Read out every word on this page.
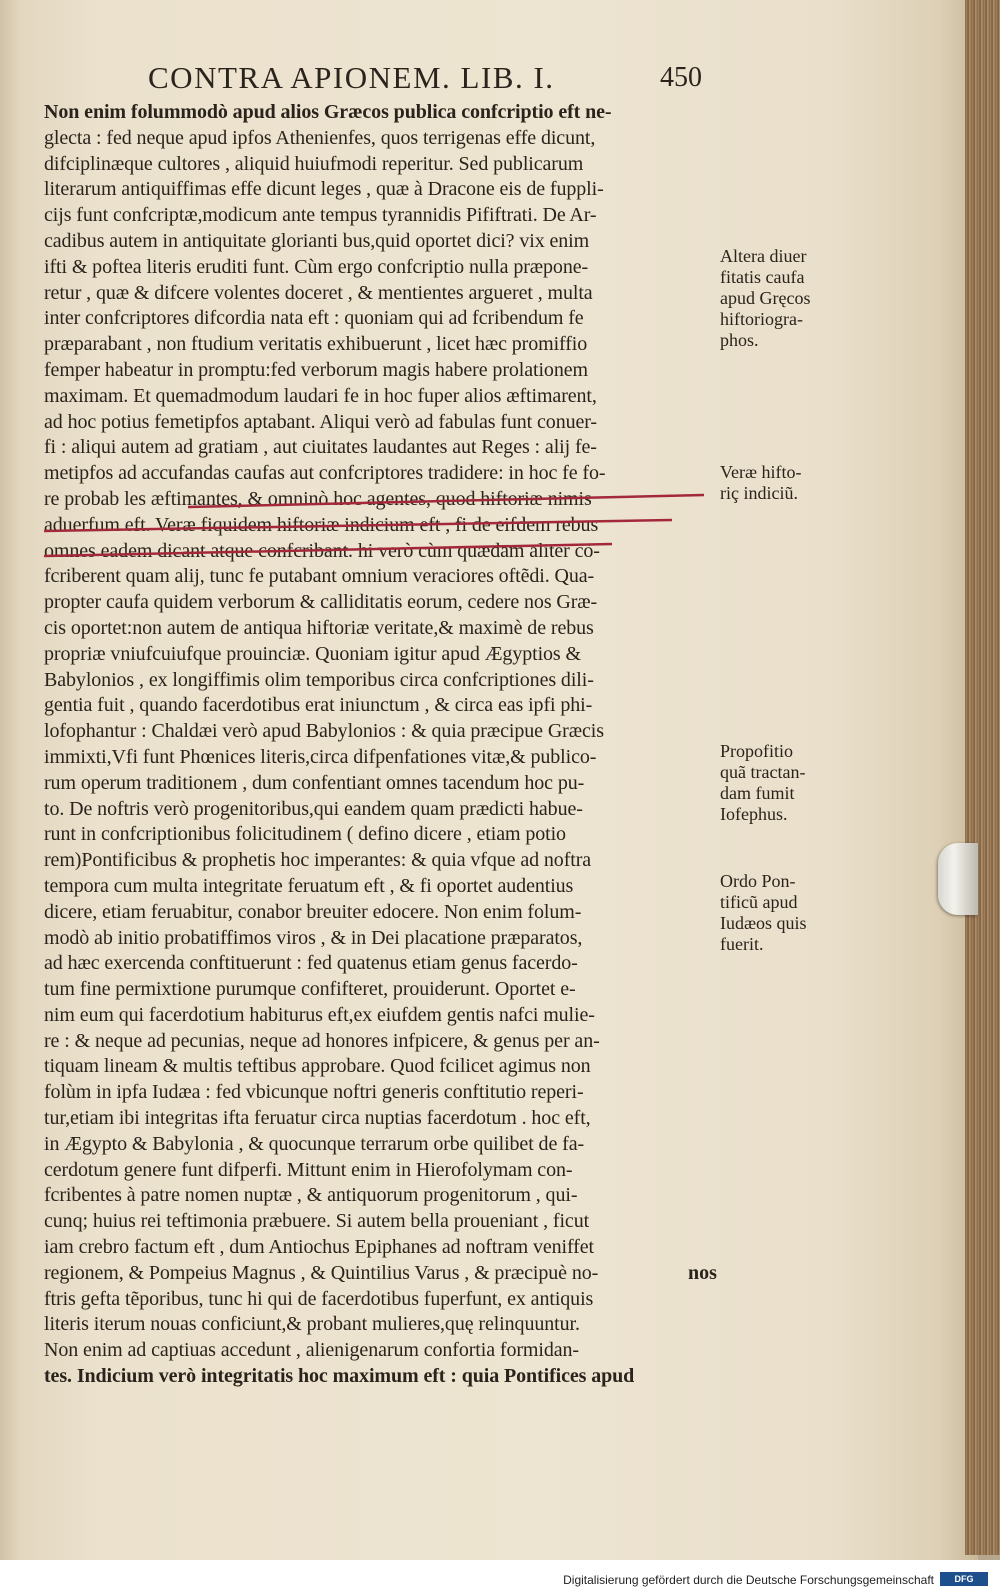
CONTRA APIONEM. LIB. I.	450
Non enim folummodò apud alios Græcos publica confcriptio eft ne-
glecta : fed neque apud ipfos Athenienfes, quos terrigenas effe dicunt,
difciplinæque cultores , aliquid huiufmodi reperitur. Sed publicarum
literarum antiquiffimas effe dicunt leges , quæ à Dracone eis de fuppli-
cijs funt confcriptæ,modicum ante tempus tyrannidis Pififtrati. De Ar-
cadibus autem in antiquitate glorianti bus,quid oportet dici? vix enim
ifti & poftea literis eruditi funt. Cùm ergo confcriptio nulla præpone-
retur , quæ & difcere volentes doceret , & mentientes argueret , multa
inter confcriptores difcordia nata eft : quoniam qui ad fcribendum fe
præparabant , non ftudium veritatis exhibuerunt , licet hæc promiffio
femper habeatur in promptu:fed verborum magis habere prolationem
maximam. Et quemadmodum laudari fe in hoc fuper alios æftimarent,
ad hoc potius femetipfos aptabant. Aliqui verò ad fabulas funt conuer-
fi : aliqui autem ad gratiam , aut ciuitates laudantes aut Reges : alij fe-
metipfos ad accufandas caufas aut confcriptores tradidere: in hoc fe fo-
re probab les æftimantes, & omninò hoc agentes, quod hiftoriæ nimis
aduerfum eft. Veræ fiquidem hiftoriæ indicium eft , fi de eifdem rebus
omnes eadem dicant atque confcribant. hi verò cùm quædam aliter cõ-
fcriberent quam alij, tunc fe putabant omnium veraciores oftẽdi. Qua-
propter caufa quidem verborum & calliditatis eorum, cedere nos Græ-
cis oportet:non autem de antiqua hiftoriæ veritate,& maximè de rebus
propriæ vniufcuiufque prouinciæ. Quoniam igitur apud Ægyptios &
Babylonios , ex longiffimis olim temporibus circa confcriptiones dili-
gentia fuit , quando facerdotibus erat iniunctum , & circa eas ipfi phi-
lofophantur : Chaldæi verò apud Babylonios : & quia præcipue Græcis
immixti,Vfi funt Phœnices literis,circa difpenfationes vitæ,& publico-
rum operum traditionem , dum confentiant omnes tacendum hoc pu-
to. De noftris verò progenitoribus,qui eandem quam prædicti habue-
runt in confcriptionibus folicitudinem ( defino dicere , etiam potio
rem)Pontificibus & prophetis hoc imperantes: & quia vfque ad noftra
tempora cum multa integritate feruatum eft , & fi oportet audentius
dicere, etiam feruabitur, conabor breuiter edocere. Non enim folum-
modò ab initio probatiffimos viros , & in Dei placatione præparatos,
ad hæc exercenda conftituerunt : fed quatenus etiam genus facerdo-
tum fine permixtione purumque confifteret, prouiderunt. Oportet e-
nim eum qui facerdotium habiturus eft,ex eiufdem gentis nafci mulie-
re : & neque ad pecunias, neque ad honores infpicere, & genus per an-
tiquam lineam & multis teftibus approbare. Quod fcilicet agimus non
folùm in ipfa Iudæa : fed vbicunque noftri generis conftitutio reperi-
tur,etiam ibi integritas ifta feruatur circa nuptias facerdotum . hoc eft,
in Ægypto & Babylonia , & quocunque terrarum orbe quilibet de fa-
cerdotum genere funt difperfi. Mittunt enim in Hierofolymam con-
fcribentes à patre nomen nuptæ , & antiquorum progenitorum , qui-
cunq; huius rei teftimonia præbuere. Si autem bella proueniant , ficut
iam crebro factum eft , dum Antiochus Epiphanes ad noftram veniffet
regionem, & Pompeius Magnus , & Quintilius Varus , & præcipuè no-
ftris gefta tẽporibus, tunc hi qui de facerdotibus fuperfunt, ex antiquis
literis iterum nouas conficiunt,& probant mulieres,quę relinquuntur.
Non enim ad captiuas accedunt , alienigenarum confortia formidan-
tes. Indicium verò integritatis hoc maximum eft : quia Pontifices apud
Altera diuer
fitatis caufa
apud Gręcos
hiftoriogra-
phos.
Veræ hifto-
riç indiciũ.
Propofitio
quã tractan-
dam fumit
Iofephus.
Ordo Pon-
tificũ apud
Iudæos quis
fuerit.
nos
Digitalisierung gefördert durch die Deutsche Forschungsgemeinschaft	DFG
